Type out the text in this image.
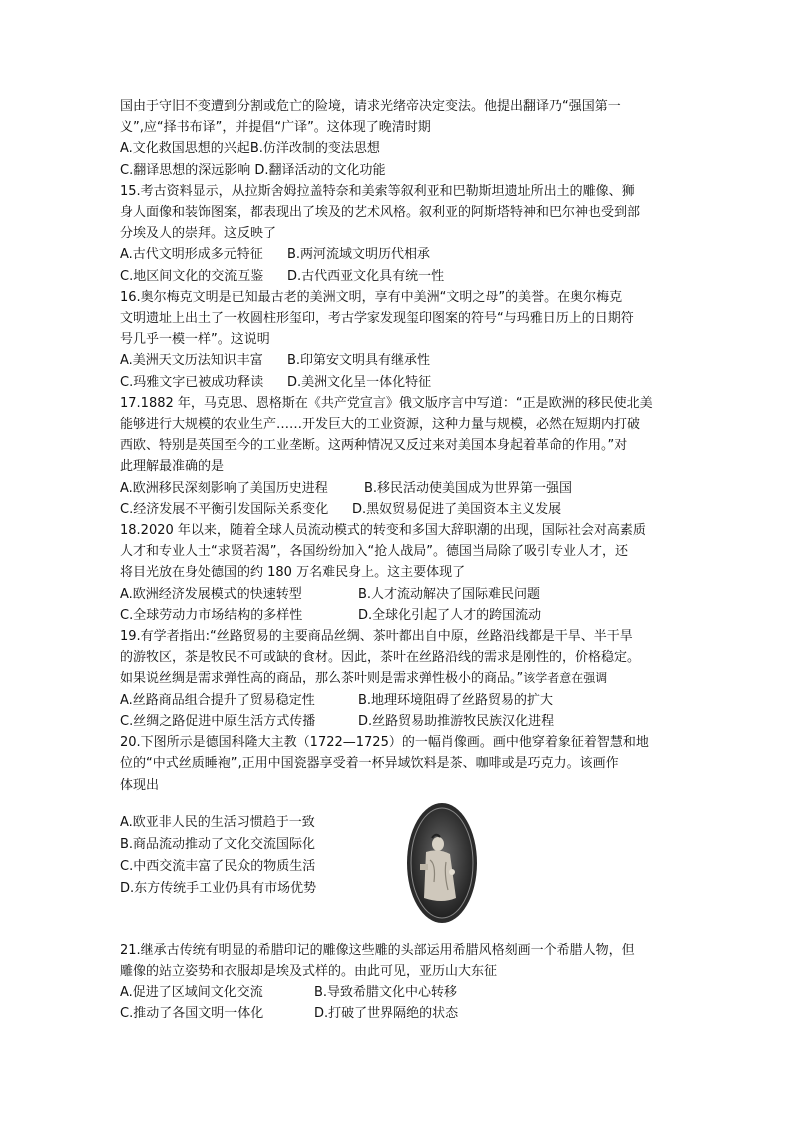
国由于守旧不变遭到分割或危亡的险境，请求光绪帝决定变法。他提出翻译乃“强国第一

义”,应“择书布译”，并提倡“广译”。这体现了晚清时期

A.文化救国思想的兴起B.仿洋改制的变法思想

C.翻译思想的深远影响 D.翻译活动的文化功能

15.考古资料显示，从拉斯舍姆拉盖特奈和美索等叙利亚和巴勒斯坦遗址所出土的雕像、狮

身人面像和装饰图案，都表现出了埃及的艺术风格。叙利亚的阿斯塔特神和巴尔神也受到部

分埃及人的崇拜。这反映了

A.古代文明形成多元特征	B.两河流域文明历代相承
C.地区间文化的交流互鉴	D.古代西亚文化具有统一性

16.奥尔梅克文明是已知最古老的美洲文明，享有中美洲“文明之母”的美誉。在奥尔梅克

文明遗址上出土了一枚圆柱形玺印，考古学家发现玺印图案的符号“与玛雅日历上的日期符

号几乎一模一样”。这说明

A.美洲天文历法知识丰富	B.印第安文明具有继承性
C.玛雅文字已被成功释读	D.美洲文化呈一体化特征

17.1882 年，马克思、恩格斯在《共产党宣言》俄文版序言中写道：“正是欧洲的移民使北美

能够进行大规模的农业生产……开发巨大的工业资源，这种力量与规模，必然在短期内打破

西欧、特别是英国至今的工业垄断。这两种情况又反过来对美国本身起着革命的作用。”对

此理解最准确的是

A.欧洲移民深刻影响了美国历史进程	B.移民活动使美国成为世界第一强国
C.经济发展不平衡引发国际关系变化	D.黑奴贸易促进了美国资本主义发展

18.2020 年以来，随着全球人员流动模式的转变和多国大辞职潮的出现，国际社会对高素质

人才和专业人士“求贤若渴”，各国纷纷加入“抢人战局”。德国当局除了吸引专业人才，还

将目光放在身处德国的约 180 万名难民身上。这主要体现了

A.欧洲经济发展模式的快速转型	B.人才流动解决了国际难民问题
C.全球劳动力市场结构的多样性	D.全球化引起了人才的跨国流动

19.有学者指出:“丝路贸易的主要商品丝绸、茶叶都出自中原，丝路沿线都是干旱、半干旱

的游牧区，茶是牧民不可或缺的食材。因此，茶叶在丝路沿线的需求是刚性的，价格稳定。

如果说丝绸是需求弹性高的商品，那么茶叶则是需求弹性极小的商品。”该学者意在强调

A.丝路商品组合提升了贸易稳定性	B.地理环境阻碍了丝路贸易的扩大
C.丝绸之路促进中原生活方式传播	D.丝路贸易助推游牧民族汉化进程

20.下图所示是德国科隆大主教（1722—1725）的一幅肖像画。画中他穿着象征着智慧和地

位的“中式丝质睡袍”,正用中国瓷器享受着一杯异域饮料是茶、咖啡或是巧克力。该画作

体现出

A.欧亚非人民的生活习惯趋于一致
B.商品流动推动了文化交流国际化
C.中西交流丰富了民众的物质生活
D.东方传统手工业仍具有市场优势

21.继承古传统有明显的希腊印记的雕像这些雕的头部运用希腊风格刻画一个希腊人物，但

雕像的站立姿势和衣服却是埃及式样的。由此可见，亚历山大东征

A.促进了区域间文化交流	B.导致希腊文化中心转移
C.推动了各国文明一体化	D.打破了世界隔绝的状态
